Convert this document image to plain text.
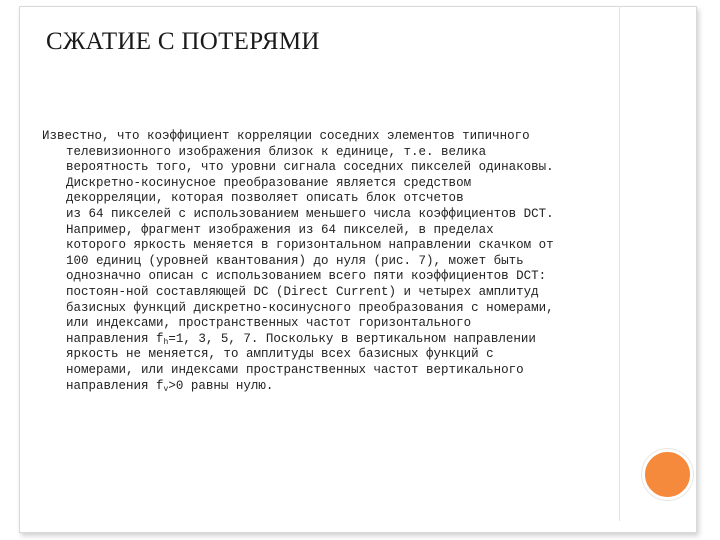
СЖАТИЕ С ПОТЕРЯМИ
Известно, что коэффициент корреляции соседних элементов типичного
телевизионного изображения близок к единице, т.е. велика
вероятность того, что уровни сигнала соседних пикселей одинаковы.
Дискретно-косинусное преобразование является средством
декорреляции, которая позволяет описать блок отсчетов
из 64 пикселей с использованием меньшего числа коэффициентов DCT.
Например, фрагмент изображения из 64 пикселей, в пределах
которого яркость меняется в горизонтальном направлении скачком от
100 единиц (уровней квантования) до нуля (рис. 7), может быть
однозначно описан с использованием всего пяти коэффициентов DCT:
постоян-ной составляющей DC (Direct Current) и четырех амплитуд
базисных функций дискретно-косинусного преобразования с номерами,
или индексами, пространственных частот горизонтального
направления $f_h=1$, 3, 5, 7. Поскольку в вертикальном направлении
яркость не меняется, то амплитуды всех базисных функций с
номерами, или индексами пространственных частот вертикального
направления $f_v>0$ равны нулю.
